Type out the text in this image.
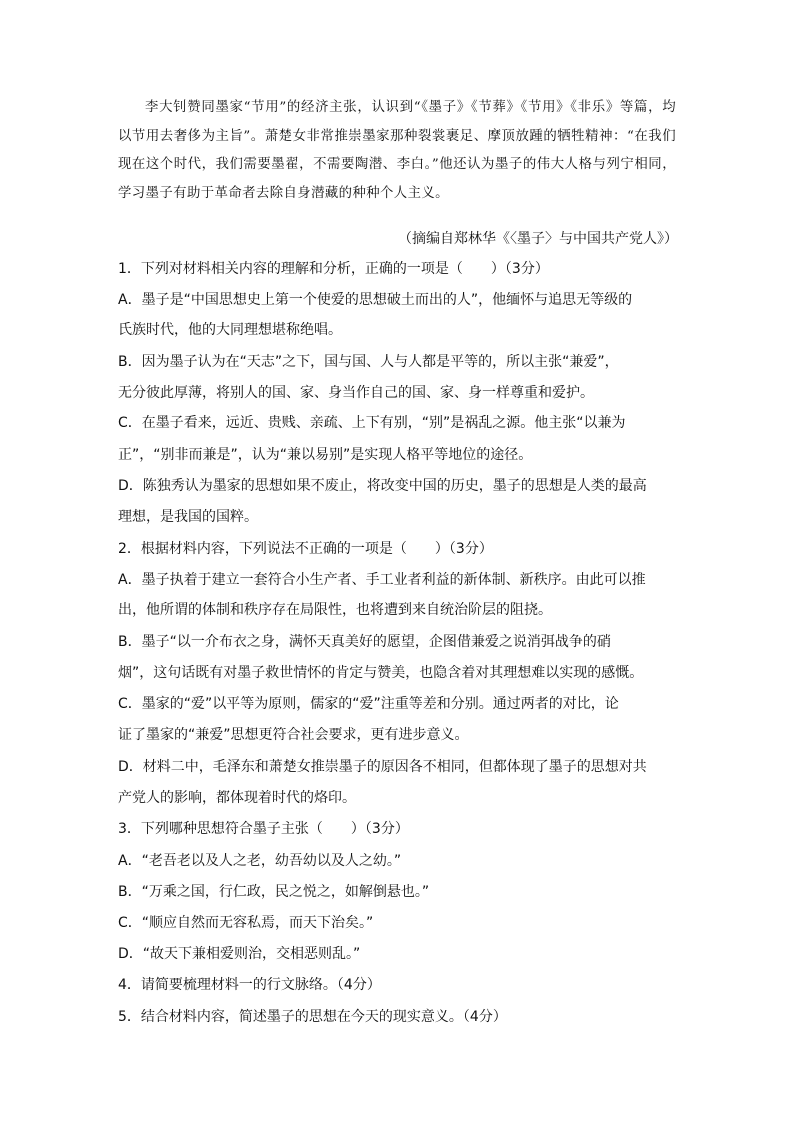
李大钊赞同墨家“节用”的经济主张，认识到“《墨子》《节葬》《节用》《非乐》等篇，均以节用去奢侈为主旨”。萧楚女非常推崇墨家那种裂裳裹足、摩顶放踵的牺牲精神：“在我们现在这个时代，我们需要墨翟，不需要陶潜、李白。”他还认为墨子的伟大人格与列宁相同，学习墨子有助于革命者去除自身潜藏的种种个人主义。
（摘编自郑林华《〈墨子〉与中国共产党人》）
1．下列对材料相关内容的理解和分析，正确的一项是（　　）（3分）
A．墨子是“中国思想史上第一个使爱的思想破土而出的人”，他缅怀与追思无等级的
氏族时代，他的大同理想堪称绝唱。
B．因为墨子认为在“天志”之下，国与国、人与人都是平等的，所以主张“兼爱”，
无分彼此厚薄，将别人的国、家、身当作自己的国、家、身一样尊重和爱护。
C．在墨子看来，远近、贵贱、亲疏、上下有别，“别”是祸乱之源。他主张“以兼为
正”，“别非而兼是”，认为“兼以易别”是实现人格平等地位的途径。
D．陈独秀认为墨家的思想如果不废止，将改变中国的历史，墨子的思想是人类的最高
理想，是我国的国粹。
2．根据材料内容，下列说法不正确的一项是（　　）（3分）
A．墨子执着于建立一套符合小生产者、手工业者利益的新体制、新秩序。由此可以推
出，他所谓的体制和秩序存在局限性，也将遭到来自统治阶层的阻挠。
B．墨子“以一介布衣之身，满怀天真美好的愿望，企图借兼爱之说消弭战争的硝
烟”，这句话既有对墨子救世情怀的肯定与赞美，也隐含着对其理想难以实现的感慨。
C．墨家的“爱”以平等为原则，儒家的“爱”注重等差和分别。通过两者的对比，论
证了墨家的“兼爱”思想更符合社会要求，更有进步意义。
D．材料二中，毛泽东和萧楚女推崇墨子的原因各不相同，但都体现了墨子的思想对共
产党人的影响，都体现着时代的烙印。
3．下列哪种思想符合墨子主张（　　）（3分）
A．“老吾老以及人之老，幼吾幼以及人之幼。”
B．“万乘之国，行仁政，民之悦之，如解倒悬也。”
C．“顺应自然而无容私焉，而天下治矣。”
D．“故天下兼相爱则治，交相恶则乱。”
4．请简要梳理材料一的行文脉络。（4分）
5．结合材料内容，简述墨子的思想在今天的现实意义。（4分）
